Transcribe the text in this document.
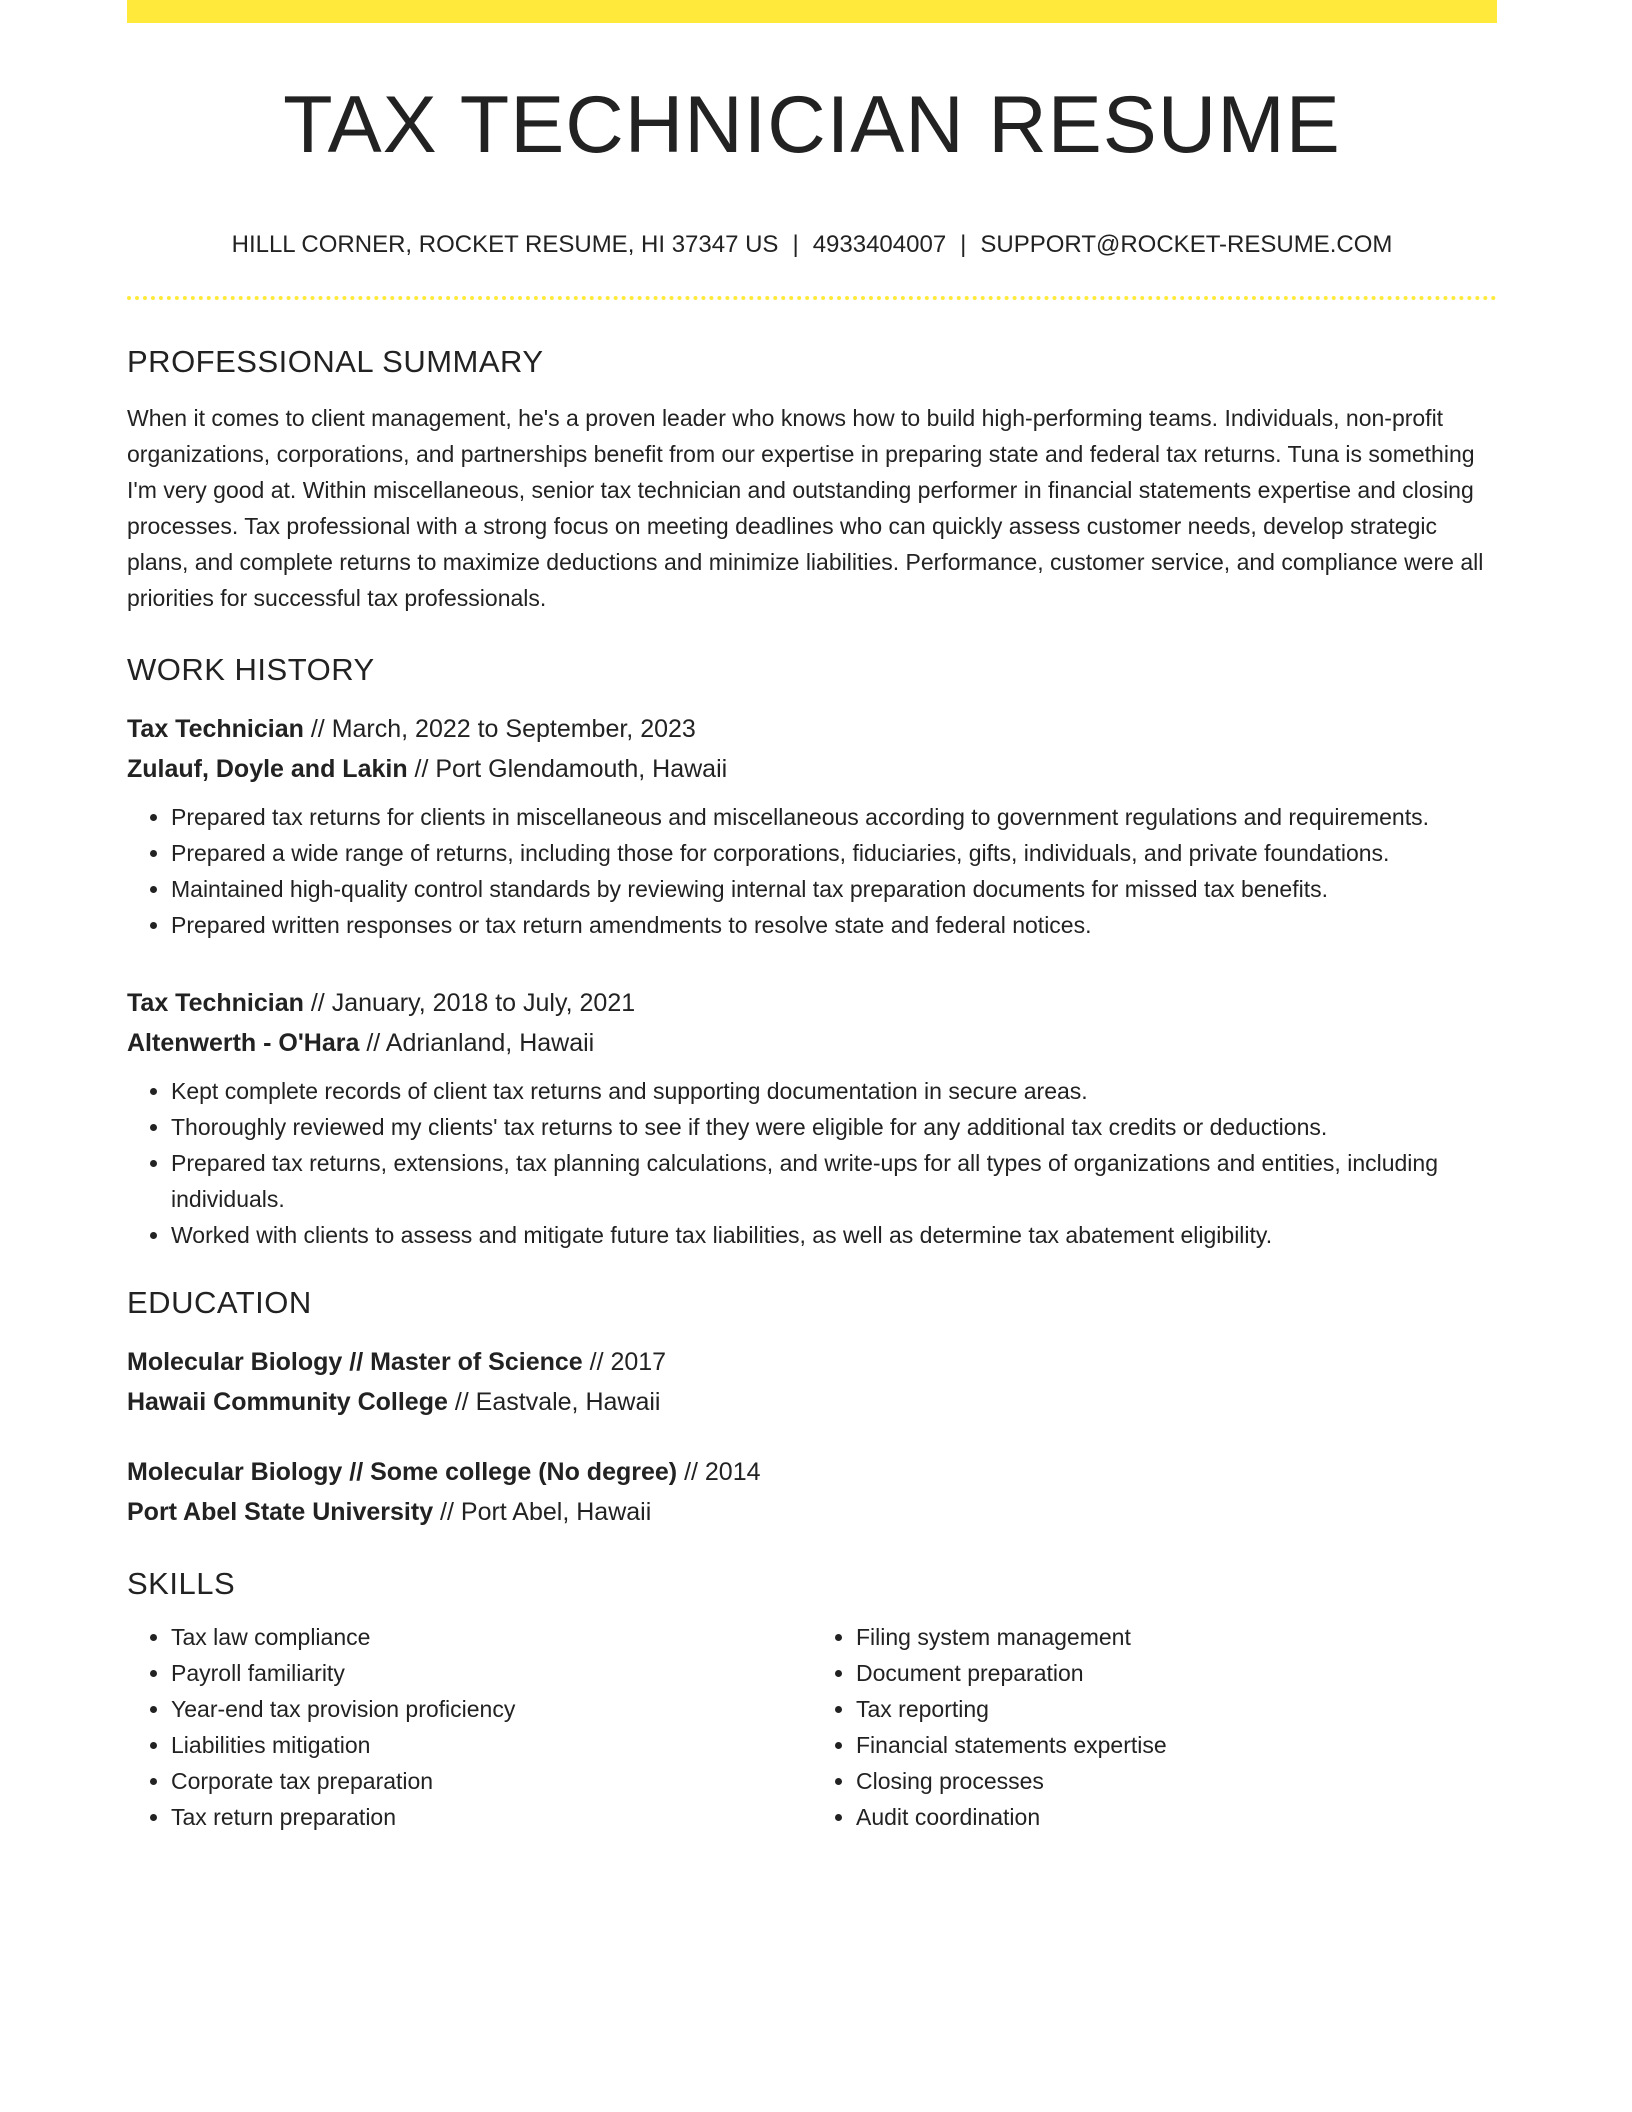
TAX TECHNICIAN RESUME
HILLL CORNER, ROCKET RESUME, HI 37347 US | 4933404007 | SUPPORT@ROCKET-RESUME.COM
PROFESSIONAL SUMMARY
When it comes to client management, he's a proven leader who knows how to build high-performing teams. Individuals, non-profit organizations, corporations, and partnerships benefit from our expertise in preparing state and federal tax returns. Tuna is something I'm very good at. Within miscellaneous, senior tax technician and outstanding performer in financial statements expertise and closing processes. Tax professional with a strong focus on meeting deadlines who can quickly assess customer needs, develop strategic plans, and complete returns to maximize deductions and minimize liabilities. Performance, customer service, and compliance were all priorities for successful tax professionals.
WORK HISTORY
Tax Technician // March, 2022 to September, 2023
Zulauf, Doyle and Lakin // Port Glendamouth, Hawaii
• Prepared tax returns for clients in miscellaneous and miscellaneous according to government regulations and requirements.
• Prepared a wide range of returns, including those for corporations, fiduciaries, gifts, individuals, and private foundations.
• Maintained high-quality control standards by reviewing internal tax preparation documents for missed tax benefits.
• Prepared written responses or tax return amendments to resolve state and federal notices.
Tax Technician // January, 2018 to July, 2021
Altenwerth - O'Hara // Adrianland, Hawaii
• Kept complete records of client tax returns and supporting documentation in secure areas.
• Thoroughly reviewed my clients' tax returns to see if they were eligible for any additional tax credits or deductions.
• Prepared tax returns, extensions, tax planning calculations, and write-ups for all types of organizations and entities, including individuals.
• Worked with clients to assess and mitigate future tax liabilities, as well as determine tax abatement eligibility.
EDUCATION
Molecular Biology // Master of Science // 2017
Hawaii Community College // Eastvale, Hawaii
Molecular Biology // Some college (No degree) // 2014
Port Abel State University // Port Abel, Hawaii
SKILLS
• Tax law compliance
• Payroll familiarity
• Year-end tax provision proficiency
• Liabilities mitigation
• Corporate tax preparation
• Tax return preparation
• Filing system management
• Document preparation
• Tax reporting
• Financial statements expertise
• Closing processes
• Audit coordination
